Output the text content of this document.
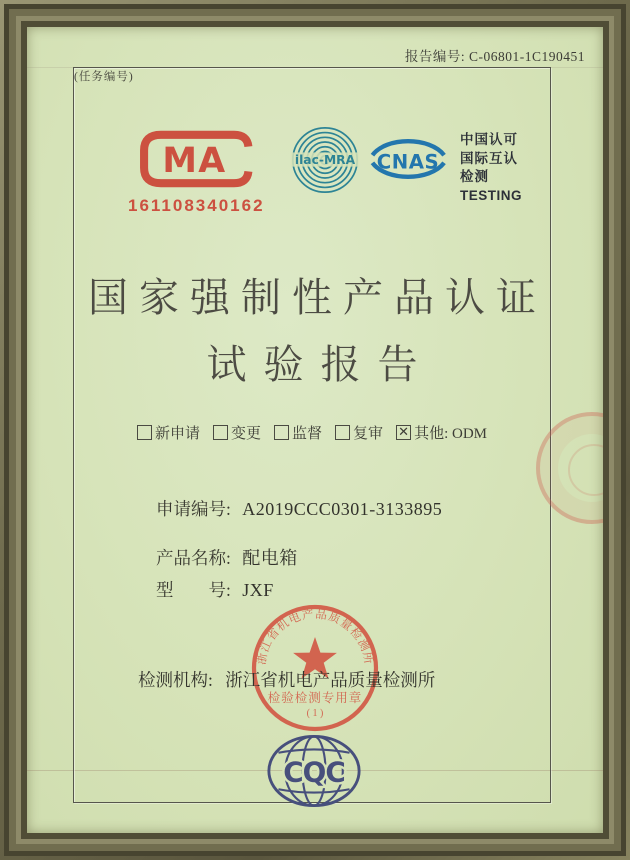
报告编号: C-06801-1C190451
MA
161108340162
ilac-MRA CNAS
中国认可
国际互认
检测
TESTING
国家强制性产品认证
试验报告
新申请 变更 监督 复审 ✕ 其他: ODM
申请编号: A2019CCC0301-3133895
(任务编号)
产品名称: 配电箱
型　　号: JXF
浙江省机电产品质量检测所
检验检测专用章
( 1 )
检测机构: 浙江省机电产品质量检测所
CQC
